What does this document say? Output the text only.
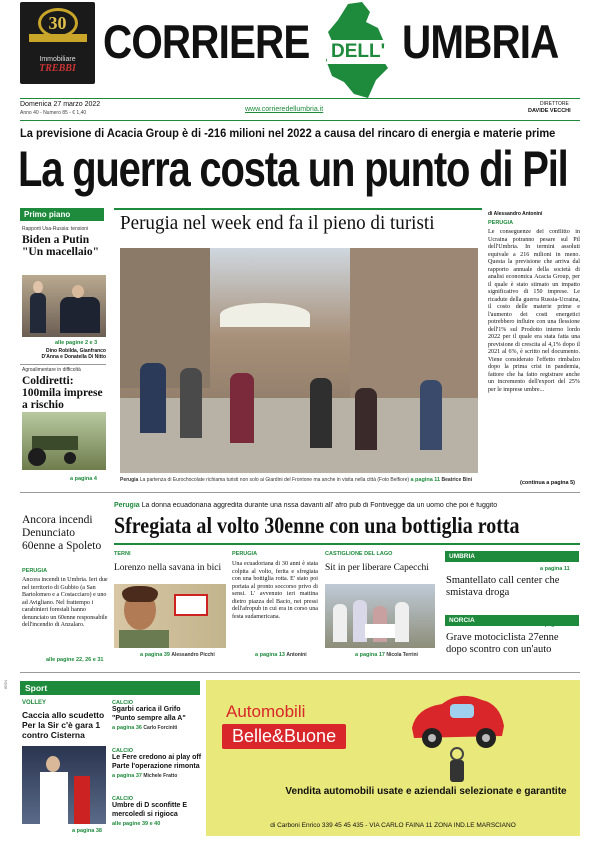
30
Immobiliare
TREBBI
CORRIERE DELL' UMBRIA
Domenica 27 marzo 2022
Anno 40 - Numero 85 - € 1,40	www.corrieredellumbria.it
DIRETTORE
DAVIDE VECCHI
La previsione di Acacia Group è di -216 milioni nel 2022 a causa del rincaro di energia e materie prime
La guerra costa un punto di Pil
Primo piano
Rapporti Usa-Russia: tensioni
Biden a Putin "Un macellaio"
alle pagine 2 e 3
Dino Robilda, Gianfranco D'Anna e Donatella Di Nitto
Agroalimentare in difficoltà
Coldiretti: 100mila imprese a rischio
a pagina 4
Perugia nel week end fa il pieno di turisti
Perugia La partenza di Eurochocolate richiama turisti non solo ai Giardini del Frontone ma anche in visita nella città (Foto Belfiore) a pagina 11 Beatrice Bini
di Alessandro Antonini
PERUGIA
Le conseguenze del conflitto in Ucraina potranno pesare sul Pil dell'Umbria. In termini assoluti equivale a 216 milioni in meno. Questa la previsione che arriva dal rapporto annuale della società di analisi economica Acacia Group, per il quale è stato stimato un impatto significativo di 150 imprese. Le ricadute della guerra Russia-Ucraina, il costo delle materie prime e l'aumento dei costi energetici potrebbero influire con una flessione dell'1% sul Prodotto interno lordo 2022 per il quale era stata fatta una previsione di crescita al 4,1% dopo il 2021 al 6%, è scritto nel documento. Viene considerato l'effetto rimbalzo dopo la prima crisi in pandemia, fattore che ha fatto registrare anche un incremento dell'export del 25% per le imprese umbre...
(continua a pagina 5)
Perugia La donna ecuadoriana aggredita durante una rissa davanti all' afro pub di Fontivegge da un uomo che poi è fuggito
Sfregiata al volto 30enne con una bottiglia rotta
Ancora incendi Denunciato 60enne a Spoleto
PERUGIA
Ancora incendi in Umbria. Ieri due nel territorio di Gubbio (a San Bartolomeo e a Costacciaro) e uno ad Avigliano. Nel frattempo i carabinieri forestali hanno denunciato un 60enne responsabile dell'incendio di Anzalaro.
alle pagine 22, 26 e 31
TERNI
Lorenzo nella savana in bici
a pagina 39 Alessandro Picchi
PERUGIA
Una ecuadoriana di 30 anni è stata colpita al volto, ferita e sfregiata con una bottiglia rotta. E' stato poi portata al pronto soccorso privo di sensi. L' avvenuto ieri mattina dietro piazza del Bacio, nei pressi dell'afropub in cui era in corso una festa sudamericana.
a pagina 13 Antonini
CASTIGLIONE DEL LAGO
Sit in per liberare Capecchi
a pagina 17 Nicola Terrini
UMBRIA
a pagina 11
Smantellato call center che smistava droga
NORCIA
a pagina 27
Grave motociclista 27enne dopo scontro con un'auto
ISSN	Sport
VOLLEY
Caccia allo scudetto Per la Sir c'è gara 1 contro Cisterna
a pagina 38
CALCIO
Sgarbi carica il Grifo "Punto sempre alla A"
a pagina 36 Carlo Forciniti
CALCIO
Le Fere credono ai play off Parte l'operazione rimonta
a pagina 37 Michele Fratto
CALCIO
Umbre di D sconfitte E mercoledì si rigioca
alle pagine 39 e 40
Automobili
Belle&Buone
Vendita automobili usate e aziendali selezionate e garantite
di Carboni Enrico 339 45 45 435 - VIA CARLO FAINA 11 ZONA IND.LE MARSCIANO
